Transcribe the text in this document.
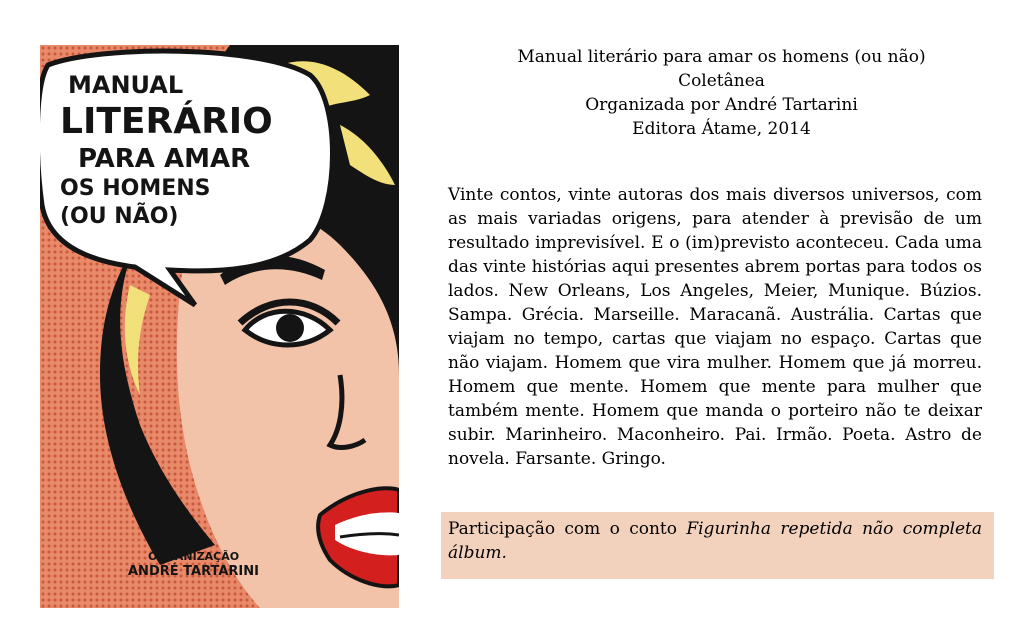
MANUAL
LITERÁRIO
PARA AMAR
OS HOMENS
(OU NÃO)
ORGANIZAÇÃO
ANDRÉ TARTARINI
Manual literário para amar os homens (ou não)
Coletânea
Organizada por André Tartarini
Editora Átame, 2014

Vinte contos, vinte autoras dos mais diversos universos, com as mais variadas origens, para atender à previsão de um resultado imprevisível. E o (im)previsto aconteceu. Cada uma das vinte histórias aqui presentes abrem portas para todos os lados. New Orleans, Los Angeles, Meier, Munique. Búzios. Sampa. Grécia. Marseille. Maracanã. Austrália. Cartas que viajam no tempo, cartas que viajam no espaço. Cartas que não viajam. Homem que vira mulher. Homem que já morreu. Homem que mente. Homem que mente para mulher que também mente. Homem que manda o porteiro não te deixar subir. Marinheiro. Maconheiro. Pai. Irmão. Poeta. Astro de novela. Farsante. Gringo.

Participação com o conto Figurinha repetida não completa álbum.
